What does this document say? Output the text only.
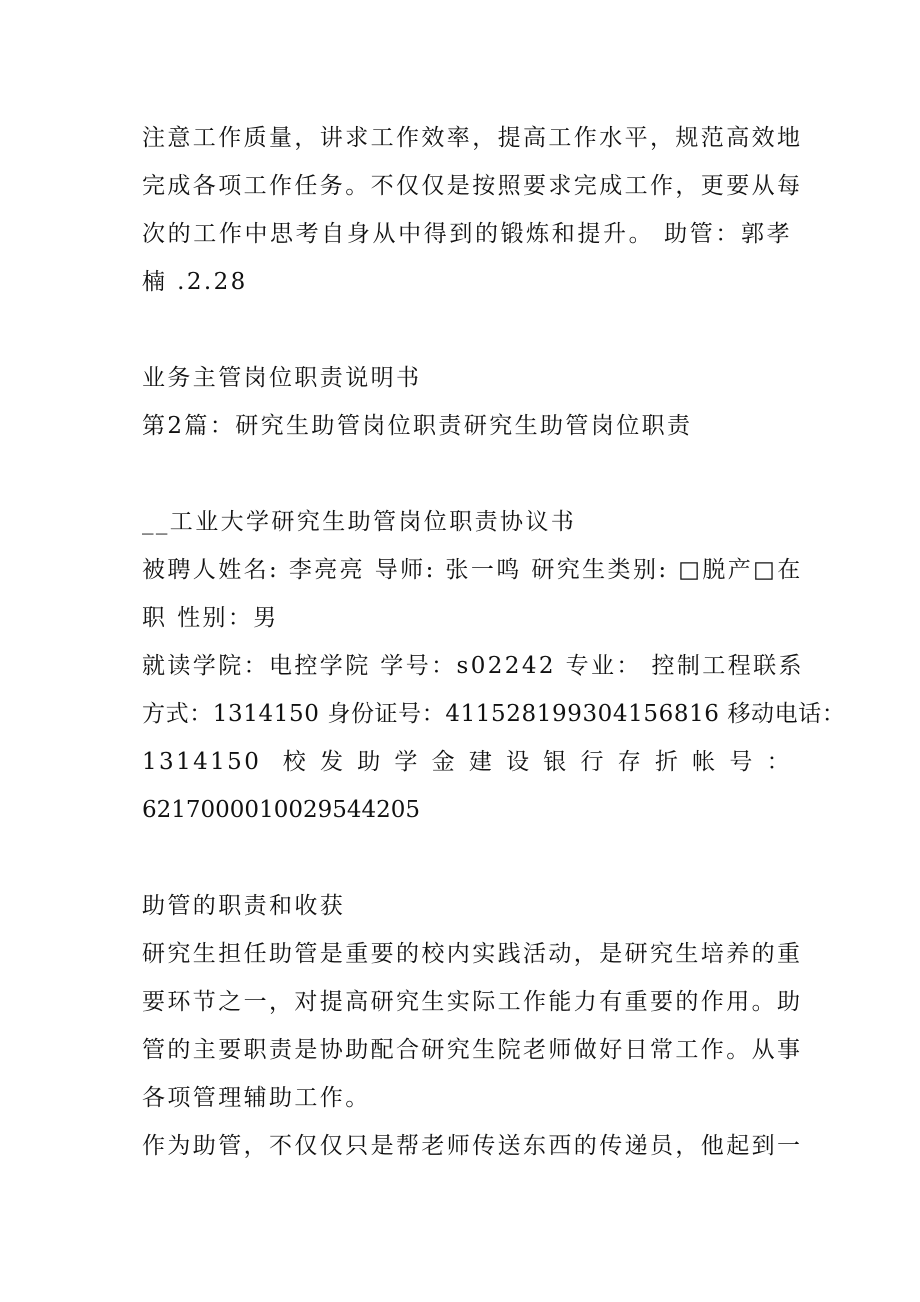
注意工作质量，讲求工作效率，提高工作水平，规范高效地
完成各项工作任务。不仅仅是按照要求完成工作，更要从每
次的工作中思考自身从中得到的锻炼和提升。 助管：郭孝
楠 .2.28
业务主管岗位职责说明书
第2篇：研究生助管岗位职责研究生助管岗位职责
__工业大学研究生助管岗位职责协议书
被聘人姓名: 李亮亮 导师: 张一鸣 研究生类别: □脱产□在
职 性别：男
就读学院：电控学院 学号：s02242 专业： 控制工程联系
方式：1314150 身份证号：411528199304156816 移动电话：
1314150 校发助学金建设银行存折帐号：
6217000010029544205
助管的职责和收获
研究生担任助管是重要的校内实践活动，是研究生培养的重
要环节之一，对提高研究生实际工作能力有重要的作用。助
管的主要职责是协助配合研究生院老师做好日常工作。从事
各项管理辅助工作。
作为助管，不仅仅只是帮老师传送东西的传递员，他起到一
